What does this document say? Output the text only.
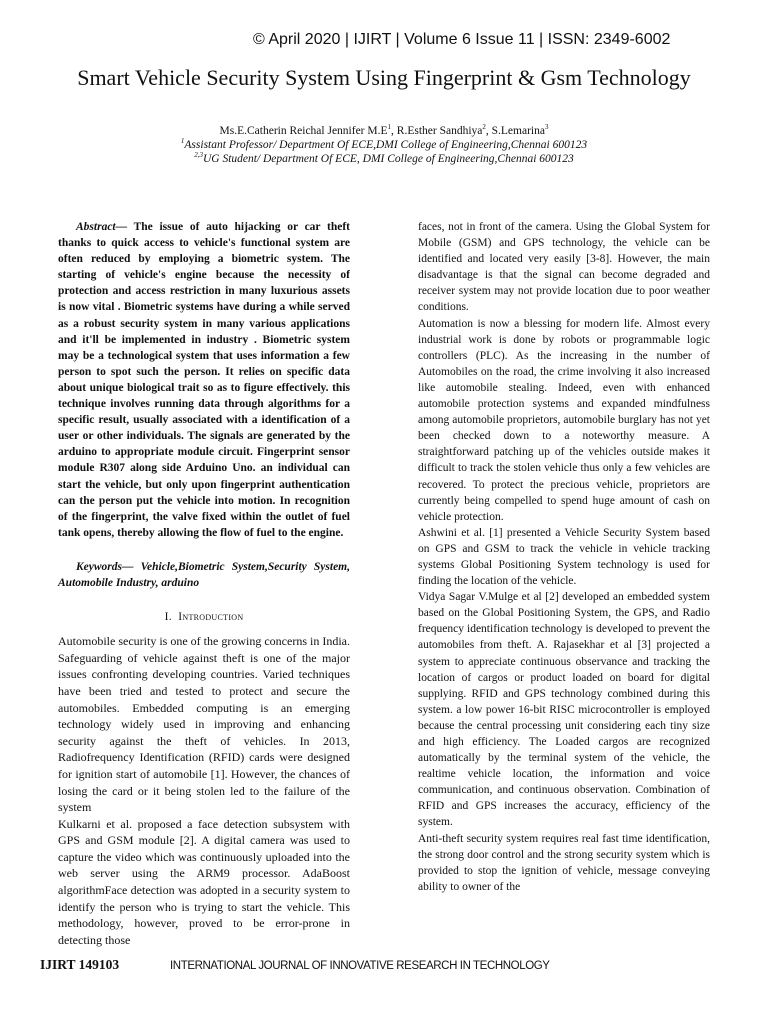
© April 2020 | IJIRT | Volume 6 Issue 11 | ISSN: 2349-6002
Smart Vehicle Security System Using Fingerprint & Gsm Technology
Ms.E.Catherin Reichal Jennifer $M.E^1$, R.Esther Sandhiya$^2$, S.Lemarina$^3$
$^1$Assistant Professor/ Department Of ECE,DMI College of Engineering,Chennai 600123
$^{2,3}$UG Student/ Department Of ECE, DMI College of Engineering,Chennai 600123

Abstract— The issue of auto hijacking or car theft thanks to quick access to vehicle's functional system are often reduced by employing a biometric system. The starting of vehicle's engine because the necessity of protection and access restriction in many luxurious assets is now vital . Biometric systems have during a while served as a robust security system in many various applications and it'll be implemented in industry . Biometric system may be a technological system that uses information a few person to spot such the person. It relies on specific data about unique biological trait so as to figure effectively. this technique involves running data through algorithms for a specific result, usually associated with a identification of a user or other individuals. The signals are generated by the arduino to appropriate module circuit. Fingerprint sensor module R307 along side Arduino Uno. an individual can start the vehicle, but only upon fingerprint authentication can the person put the vehicle into motion. In recognition of the fingerprint, the valve fixed within the outlet of fuel tank opens, thereby allowing the flow of fuel to the engine.

Keywords— Vehicle,Biometric System,Security System, Automobile Industry, arduino

I. Introduction

Automobile security is one of the growing concerns in India. Safeguarding of vehicle against theft is one of the major issues confronting developing countries. Varied techniques have been tried and tested to protect and secure the automobiles. Embedded computing is an emerging technology widely used in improving and enhancing security against the theft of vehicles. In 2013, Radiofrequency Identification (RFID) cards were designed for ignition start of automobile [1]. However, the chances of losing the card or it being stolen led to the failure of the system

Kulkarni et al. proposed a face detection subsystem with GPS and GSM module [2]. A digital camera was used to capture the video which was continuously uploaded into the web server using the ARM9 processor. AdaBoost algorithmFace detection was adopted in a security system to identify the person who is trying to start the vehicle. This methodology, however, proved to be error-prone in detecting those

faces, not in front of the camera. Using the Global System for Mobile (GSM) and GPS technology, the vehicle can be identified and located very easily [3-8]. However, the main disadvantage is that the signal can become degraded and receiver system may not provide location due to poor weather conditions.

Automation is now a blessing for modern life. Almost every industrial work is done by robots or programmable logic controllers (PLC). As the increasing in the number of Automobiles on the road, the crime involving it also increased like automobile stealing. Indeed, even with enhanced automobile protection systems and expanded mindfulness among automobile proprietors, automobile burglary has not yet been checked down to a noteworthy measure. A straightforward patching up of the vehicles outside makes it difficult to track the stolen vehicle thus only a few vehicles are recovered. To protect the precious vehicle, proprietors are currently being compelled to spend huge amount of cash on vehicle protection.

Ashwini et al. [1] presented a Vehicle Security System based on GPS and GSM to track the vehicle in vehicle tracking systems Global Positioning System technology is used for finding the location of the vehicle.

Vidya Sagar V.Mulge et al [2] developed an embedded system based on the Global Positioning System, the GPS, and Radio frequency identification technology is developed to prevent the automobiles from theft. A. Rajasekhar et al [3] projected a system to appreciate continuous observance and tracking the location of cargos or product loaded on board for digital supplying. RFID and GPS technology combined during this system. a low power 16-bit RISC microcontroller is employed because the central processing unit considering each tiny size and high efficiency. The Loaded cargos are recognized automatically by the terminal system of the vehicle, the realtime vehicle location, the information and voice communication, and continuous observation. Combination of RFID and GPS increases the accuracy, efficiency of the system.

Anti-theft security system requires real fast time identification, the strong door control and the strong security system which is provided to stop the ignition of vehicle, message conveying ability to owner of the

IJIRT 149103	INTERNATIONAL JOURNAL OF INNOVATIVE RESEARCH IN TECHNOLOGY
